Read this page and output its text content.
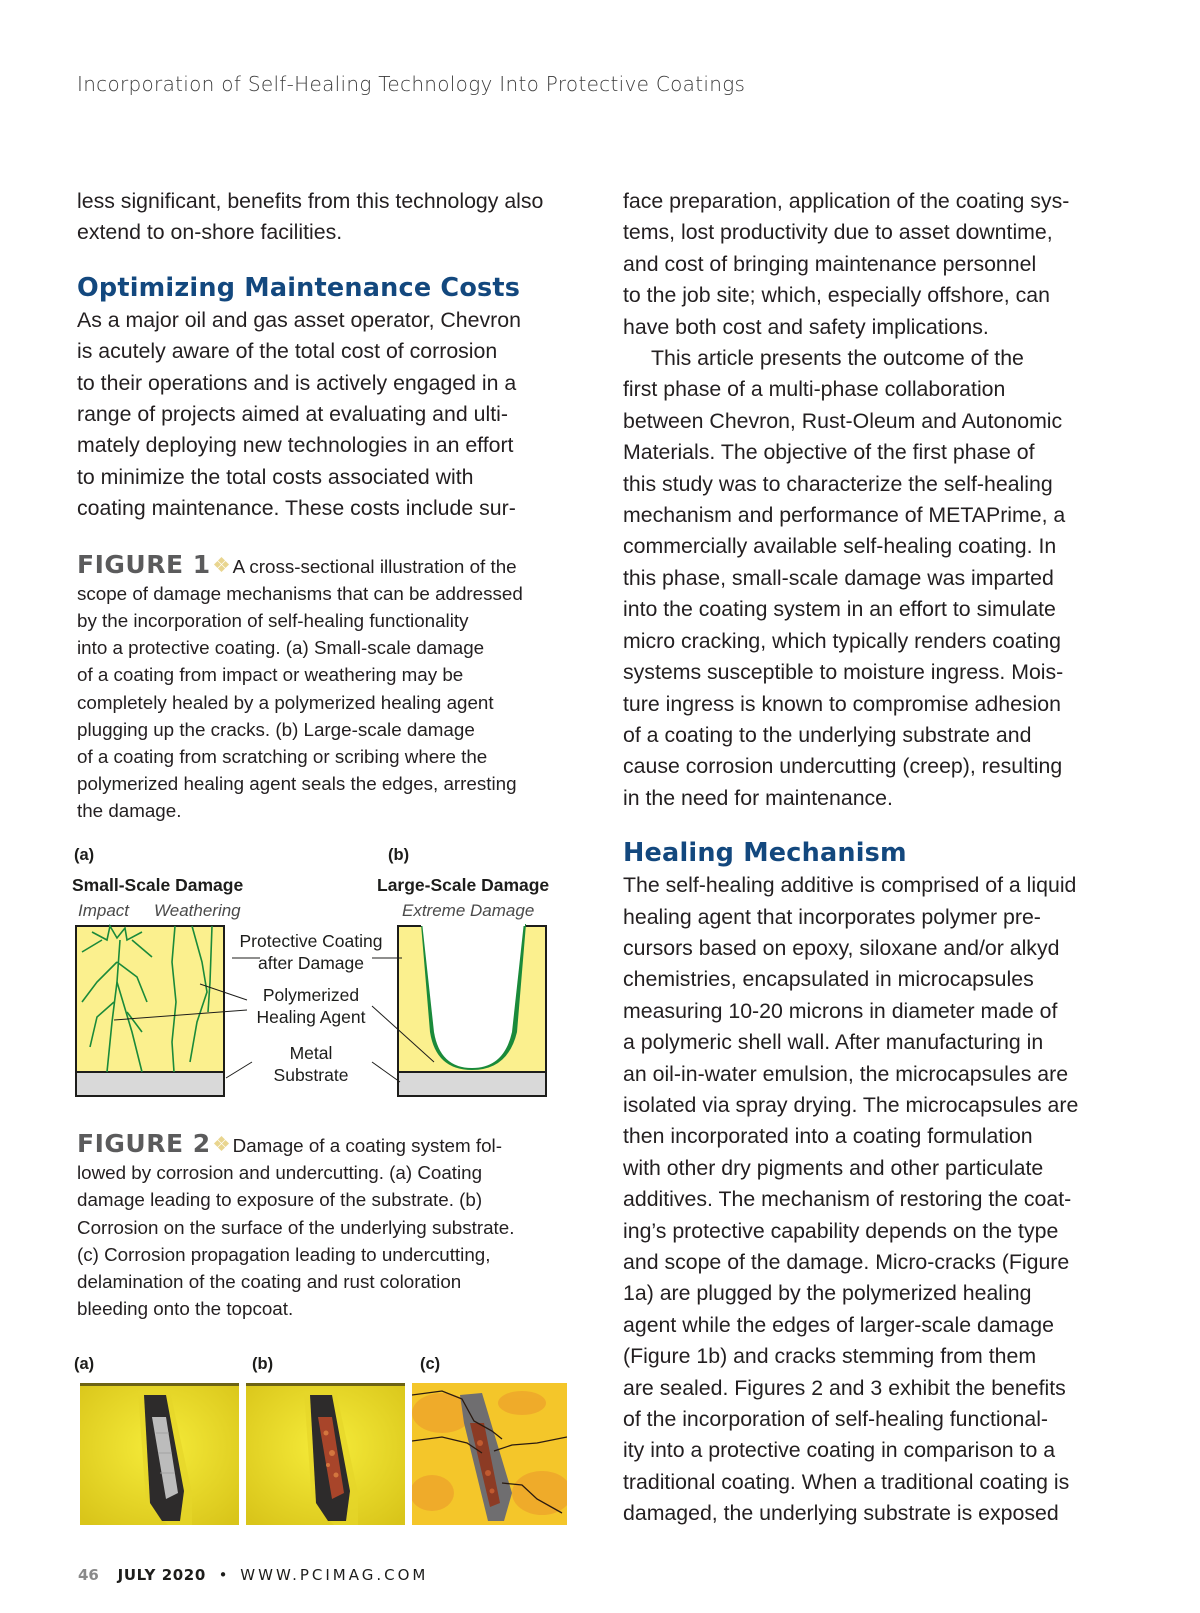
Incorporation of Self-Healing Technology Into Protective Coatings

less significant, benefits from this technology also
extend to on-shore facilities.

Optimizing Maintenance Costs

As a major oil and gas asset operator, Chevron
is acutely aware of the total cost of corrosion
to their operations and is actively engaged in a
range of projects aimed at evaluating and ulti-
mately deploying new technologies in an effort
to minimize the total costs associated with
coating maintenance. These costs include sur-

FIGURE 1 A cross-sectional illustration of the
scope of damage mechanisms that can be addressed
by the incorporation of self-healing functionality
into a protective coating. (a) Small-scale damage
of a coating from impact or weathering may be
completely healed by a polymerized healing agent
plugging up the cracks. (b) Large-scale damage
of a coating from scratching or scribing where the
polymerized healing agent seals the edges, arresting
the damage.
(a)	(b)
Small-Scale Damage	Large-Scale Damage
Impact Weathering	Extreme Damage
Protective Coating
after Damage
Polymerized
Healing Agent
Metal
Substrate
FIGURE 2 Damage of a coating system fol-
lowed by corrosion and undercutting. (a) Coating
damage leading to exposure of the substrate. (b)
Corrosion on the surface of the underlying substrate.
(c) Corrosion propagation leading to undercutting,
delamination of the coating and rust coloration
bleeding onto the topcoat.
(a)	(b)	(c)

face preparation, application of the coating sys-
tems, lost productivity due to asset downtime,
and cost of bringing maintenance personnel
to the job site; which, especially offshore, can
have both cost and safety implications.

This article presents the outcome of the
first phase of a multi-phase collaboration
between Chevron, Rust-Oleum and Autonomic
Materials. The objective of the first phase of
this study was to characterize the self-healing
mechanism and performance of METAPrime, a
commercially available self-healing coating. In
this phase, small-scale damage was imparted
into the coating system in an effort to simulate
micro cracking, which typically renders coating
systems susceptible to moisture ingress. Mois-
ture ingress is known to compromise adhesion
of a coating to the underlying substrate and
cause corrosion undercutting (creep), resulting
in the need for maintenance.

Healing Mechanism

The self-healing additive is comprised of a liquid
healing agent that incorporates polymer pre-
cursors based on epoxy, siloxane and/or alkyd
chemistries, encapsulated in microcapsules
measuring 10-20 microns in diameter made of
a polymeric shell wall. After manufacturing in
an oil-in-water emulsion, the microcapsules are
isolated via spray drying. The microcapsules are
then incorporated into a coating formulation
with other dry pigments and other particulate
additives. The mechanism of restoring the coat-
ing’s protective capability depends on the type
and scope of the damage. Micro-cracks (Figure
1a) are plugged by the polymerized healing
agent while the edges of larger-scale damage
(Figure 1b) and cracks stemming from them
are sealed. Figures 2 and 3 exhibit the benefits
of the incorporation of self-healing functional-
ity into a protective coating in comparison to a
traditional coating. When a traditional coating is
damaged, the underlying substrate is exposed

46 JULY 2020 • WWW.PCIMAG.COM
